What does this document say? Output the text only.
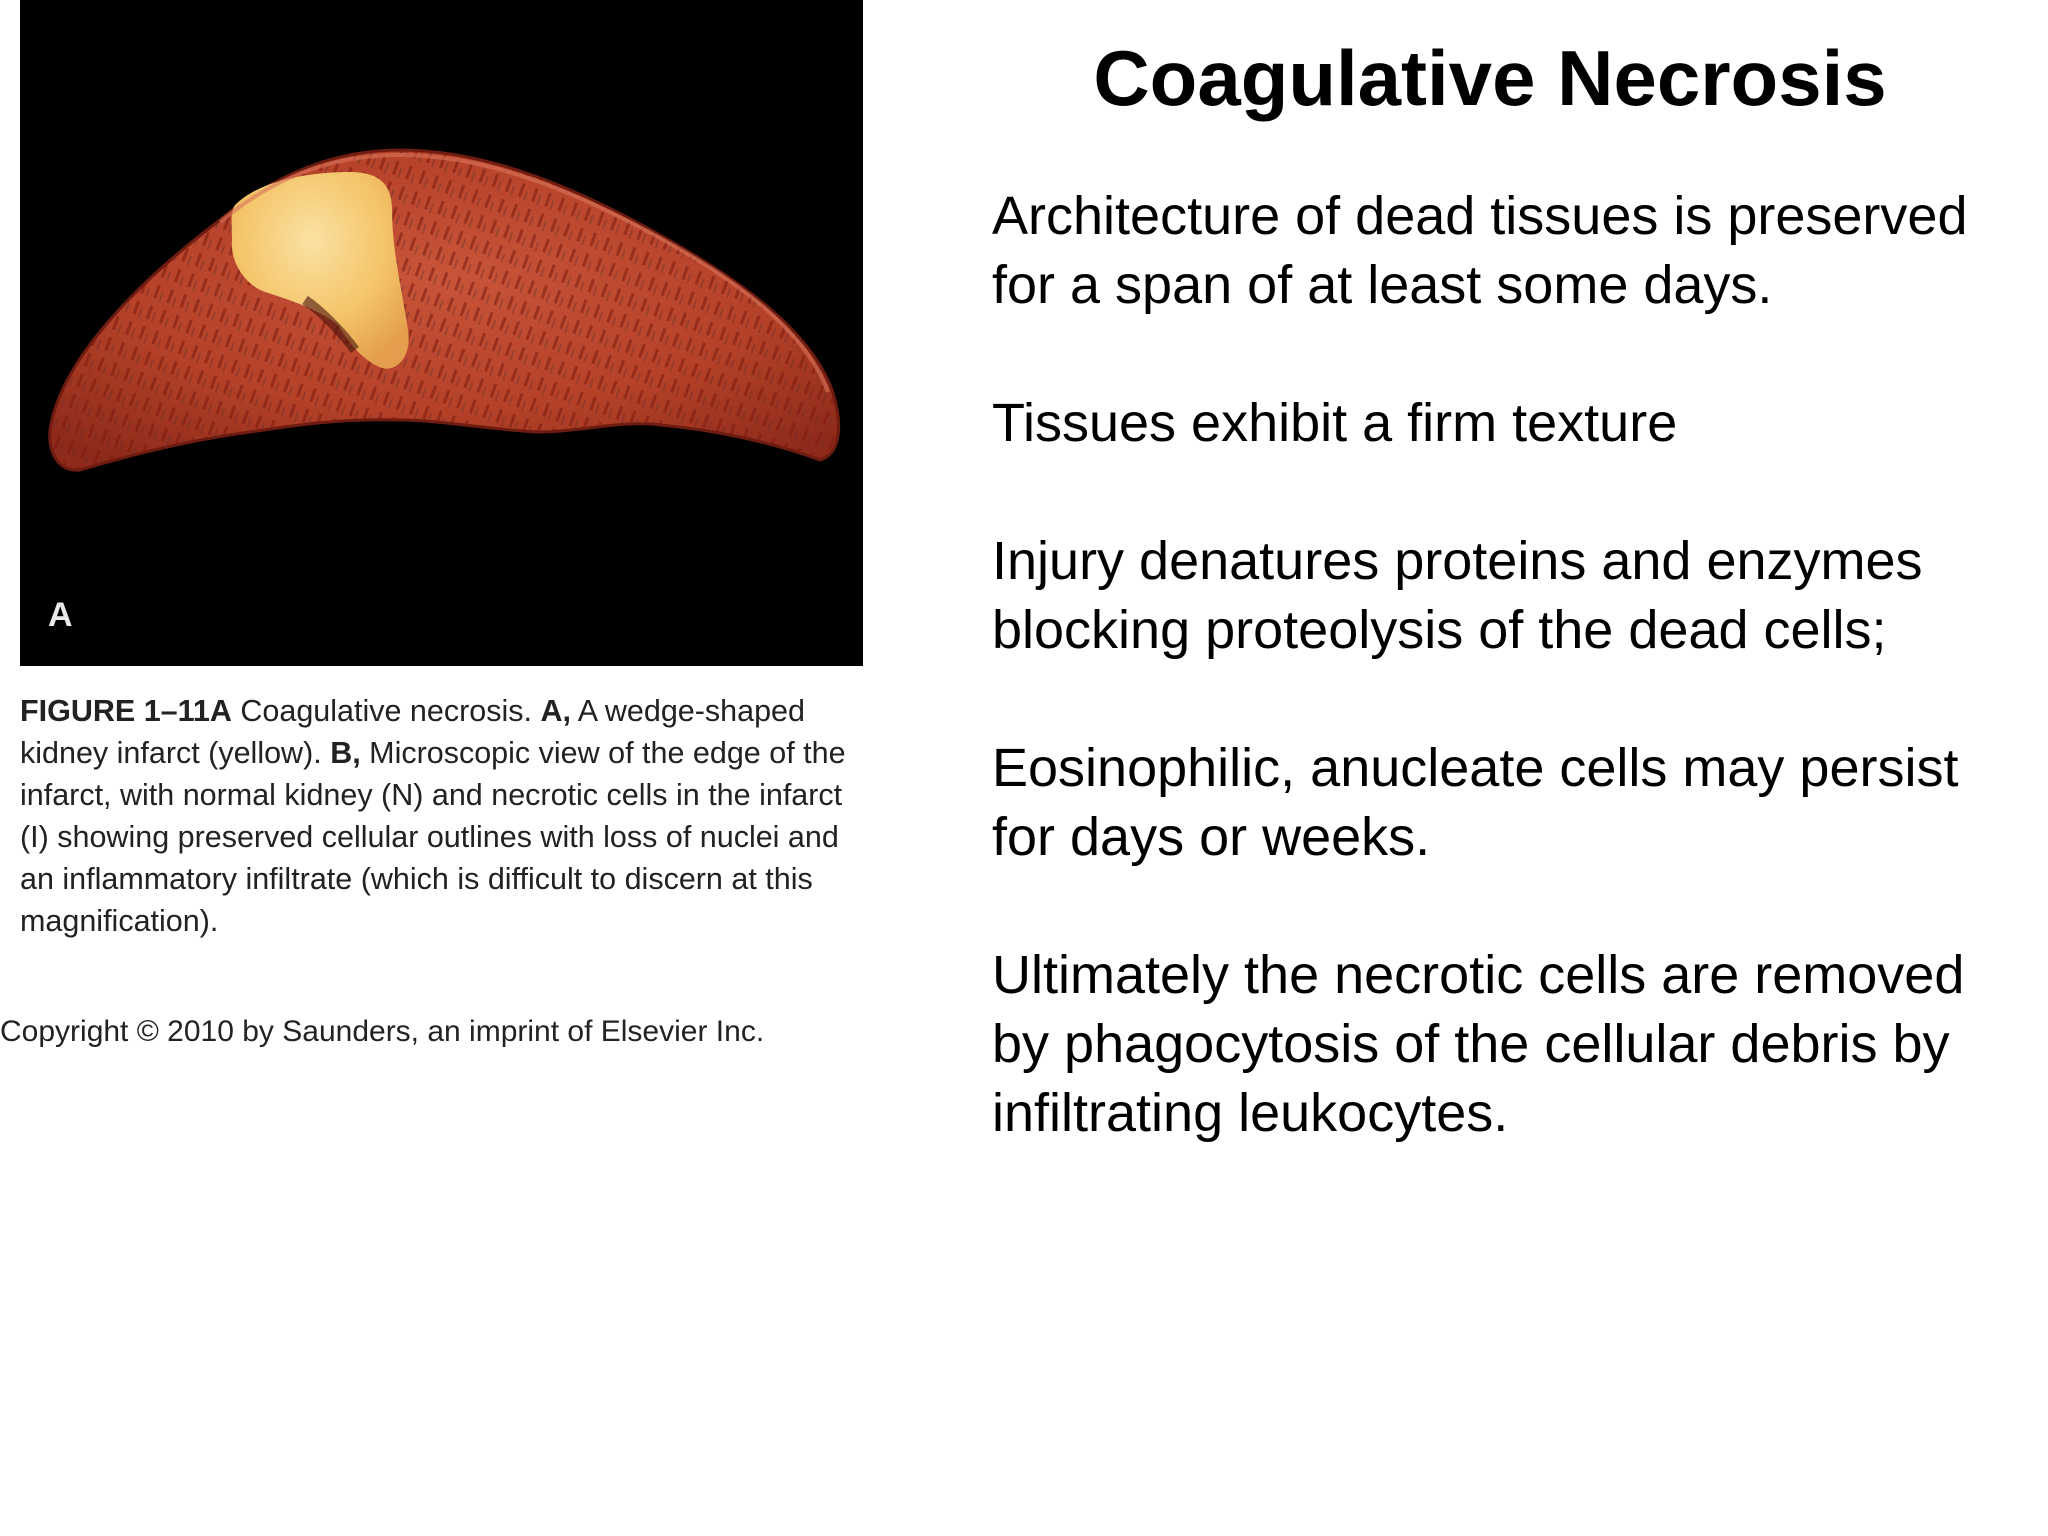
A
FIGURE 1–11A Coagulative necrosis. A, A wedge-shaped kidney infarct (yellow). B, Microscopic view of the edge of the infarct, with normal kidney (N) and necrotic cells in the infarct (I) showing preserved cellular outlines with loss of nuclei and an inflammatory infiltrate (which is difficult to discern at this magnification).
Copyright © 2010 by Saunders, an imprint of Elsevier Inc.
Coagulative Necrosis

Architecture of dead tissues is preserved for a span of at least some days.

Tissues exhibit a firm texture

Injury denatures proteins and enzymes blocking proteolysis of the dead cells;

Eosinophilic, anucleate cells may persist for days or weeks.

Ultimately the necrotic cells are removed by phagocytosis of the cellular debris by infiltrating leukocytes.
